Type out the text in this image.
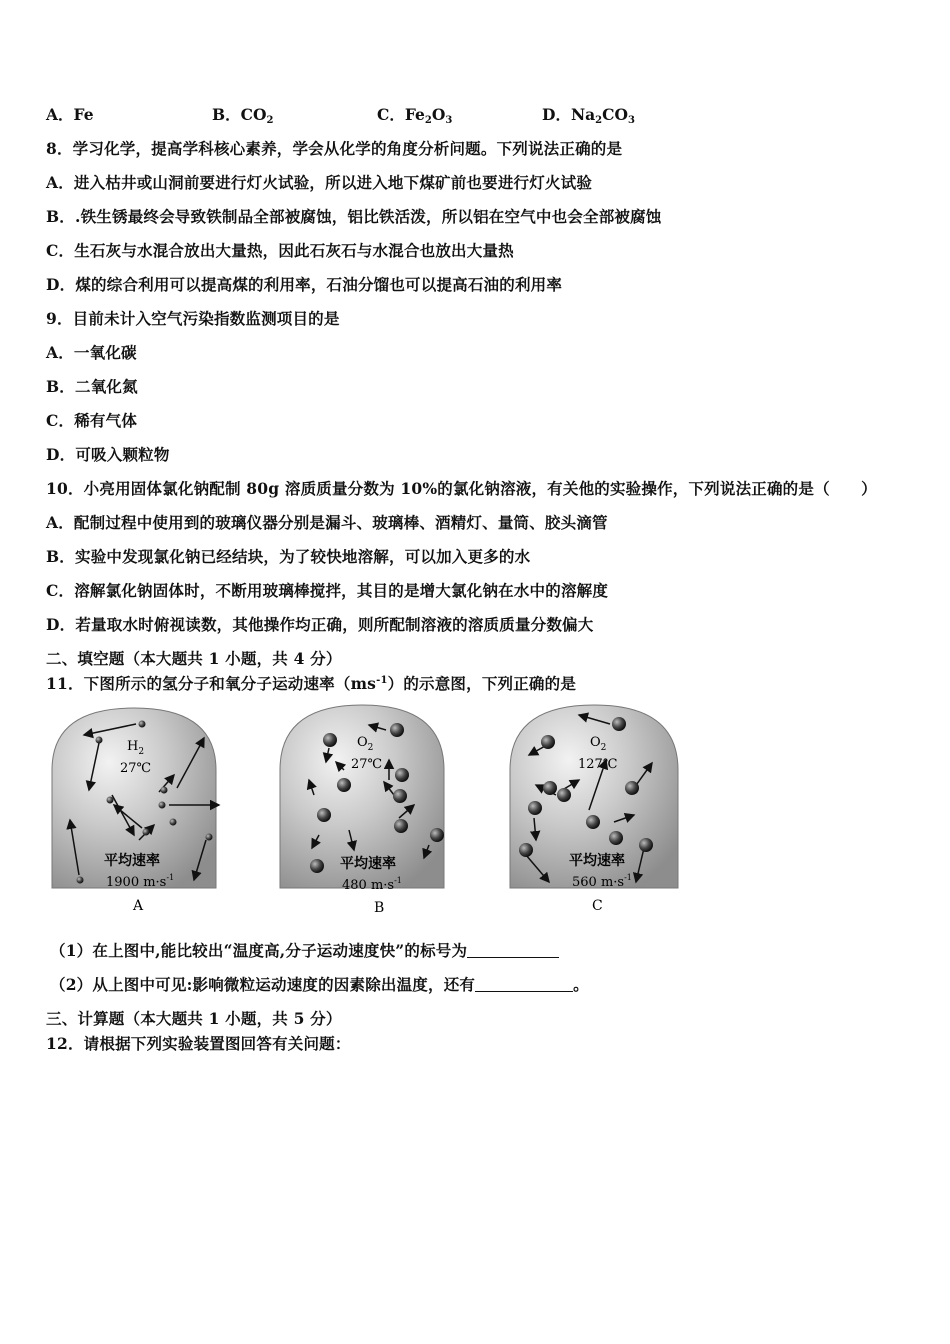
A．Fe	B．$CO_2$	C．$Fe_2O_3$	D．$Na_2CO_3$
8．学习化学，提高学科核心素养，学会从化学的角度分析问题。下列说法正确的是
A．进入枯井或山洞前要进行灯火试验，所以进入地下煤矿前也要进行灯火试验
B．.铁生锈最终会导致铁制品全部被腐蚀，铝比铁活泼，所以铝在空气中也会全部被腐蚀
C．生石灰与水混合放出大量热，因此石灰石与水混合也放出大量热
D．煤的综合利用可以提高煤的利用率，石油分馏也可以提高石油的利用率
9．目前未计入空气污染指数监测项目的是
A．一氧化碳
B．二氧化氮
C．稀有气体
D．可吸入颗粒物
10．小亮用固体氯化钠配制 80g 溶质质量分数为 10%的氯化钠溶液，有关他的实验操作，下列说法正确的是（　　）
A．配制过程中使用到的玻璃仪器分别是漏斗、玻璃棒、酒精灯、量筒、胶头滴管
B．实验中发现氯化钠已经结块，为了较快地溶解，可以加入更多的水
C．溶解氯化钠固体时，不断用玻璃棒搅拌，其目的是增大氯化钠在水中的溶解度
D．若量取水时俯视读数，其他操作均正确，则所配制溶液的溶质质量分数偏大
二、填空题（本大题共 1 小题，共 4 分）
11．下图所示的氢分子和氧分子运动速率$(ms^{-1})$的示意图，下列正确的是
$H_2$
27℃
平均速率
1900 $m\cdot s^{-1}$
A
$O_2$
27℃
平均速率
480 $m\cdot s^{-1}$
B
$O_2$
127℃
平均速率
560 $m\cdot s^{-1}$
C
（1）在上图中,能比较出“温度高,分子运动速度快”的标号为
（2）从上图中可见:影响微粒运动速度的因素除出温度，还有	。
三、计算题（本大题共 1 小题，共 5 分）
12．请根据下列实验装置图回答有关问题：
